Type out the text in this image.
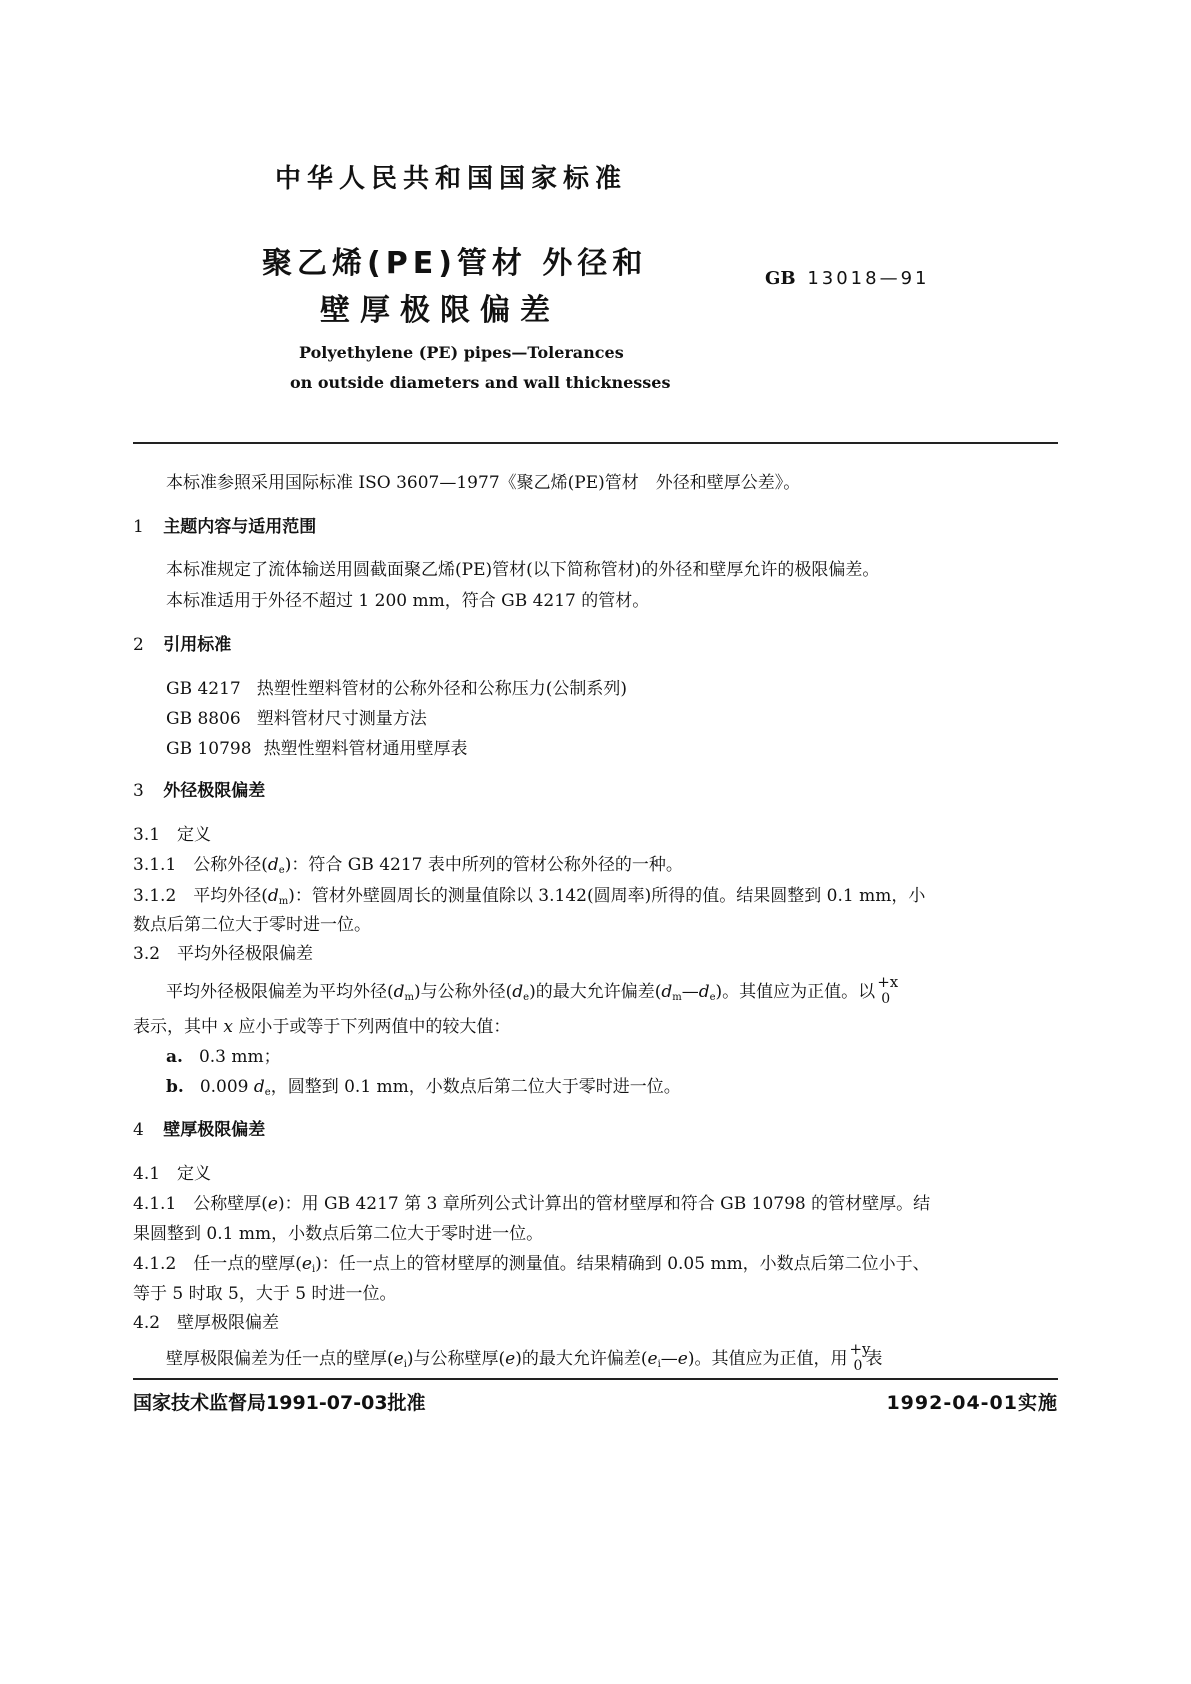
中华人民共和国国家标准
聚乙烯(PE)管材 外径和
壁厚极限偏差
GB 13018—91
Polyethylene (PE) pipes—Tolerances
on outside diameters and wall thicknesses
本标准参照采用国际标准 ISO 3607—1977《聚乙烯(PE)管材　外径和壁厚公差》。
1 主题内容与适用范围
本标准规定了流体输送用圆截面聚乙烯(PE)管材(以下简称管材)的外径和壁厚允许的极限偏差。
本标准适用于外径不超过 1 200 mm，符合 GB 4217 的管材。
2 引用标准
GB 4217 热塑性塑料管材的公称外径和公称压力(公制系列)
GB 8806 塑料管材尺寸测量方法
GB 10798 热塑性塑料管材通用壁厚表
3 外径极限偏差
3.1　定义
3.1.1　公称外径$(d_e)$：符合 GB 4217 表中所列的管材公称外径的一种。
3.1.2　平均外径$(d_m)$：管材外壁圆周长的测量值除以 3.142(圆周率)所得的值。结果圆整到 0.1 mm，小
数点后第二位大于零时进一位。
3.2　平均外径极限偏差
平均外径极限偏差为平均外径$(d_m)$与公称外径$(d_e)$的最大允许偏差$(d_m—d_e)$。其值应为正值。以 +x
0
表示，其中 x 应小于或等于下列两值中的较大值：
a. 0.3 mm；
b. 0.009 $d_e$，圆整到 0.1 mm，小数点后第二位大于零时进一位。
4 壁厚极限偏差
4.1　定义
4.1.1　公称壁厚(e)：用 GB 4217 第 3 章所列公式计算出的管材壁厚和符合 GB 10798 的管材壁厚。结
果圆整到 0.1 mm，小数点后第二位大于零时进一位。
4.1.2　任一点的壁厚$(e_i)$：任一点上的管材壁厚的测量值。结果精确到 0.05 mm，小数点后第二位小于、
等于 5 时取 5，大于 5 时进一位。
4.2　壁厚极限偏差
壁厚极限偏差为任一点的壁厚$(e_i)$与公称壁厚(e)的最大允许偏差$(e_i—e)$。其值应为正值，用 +y
0 表
国家技术监督局1991-07-03批准	1992-04-01实施
